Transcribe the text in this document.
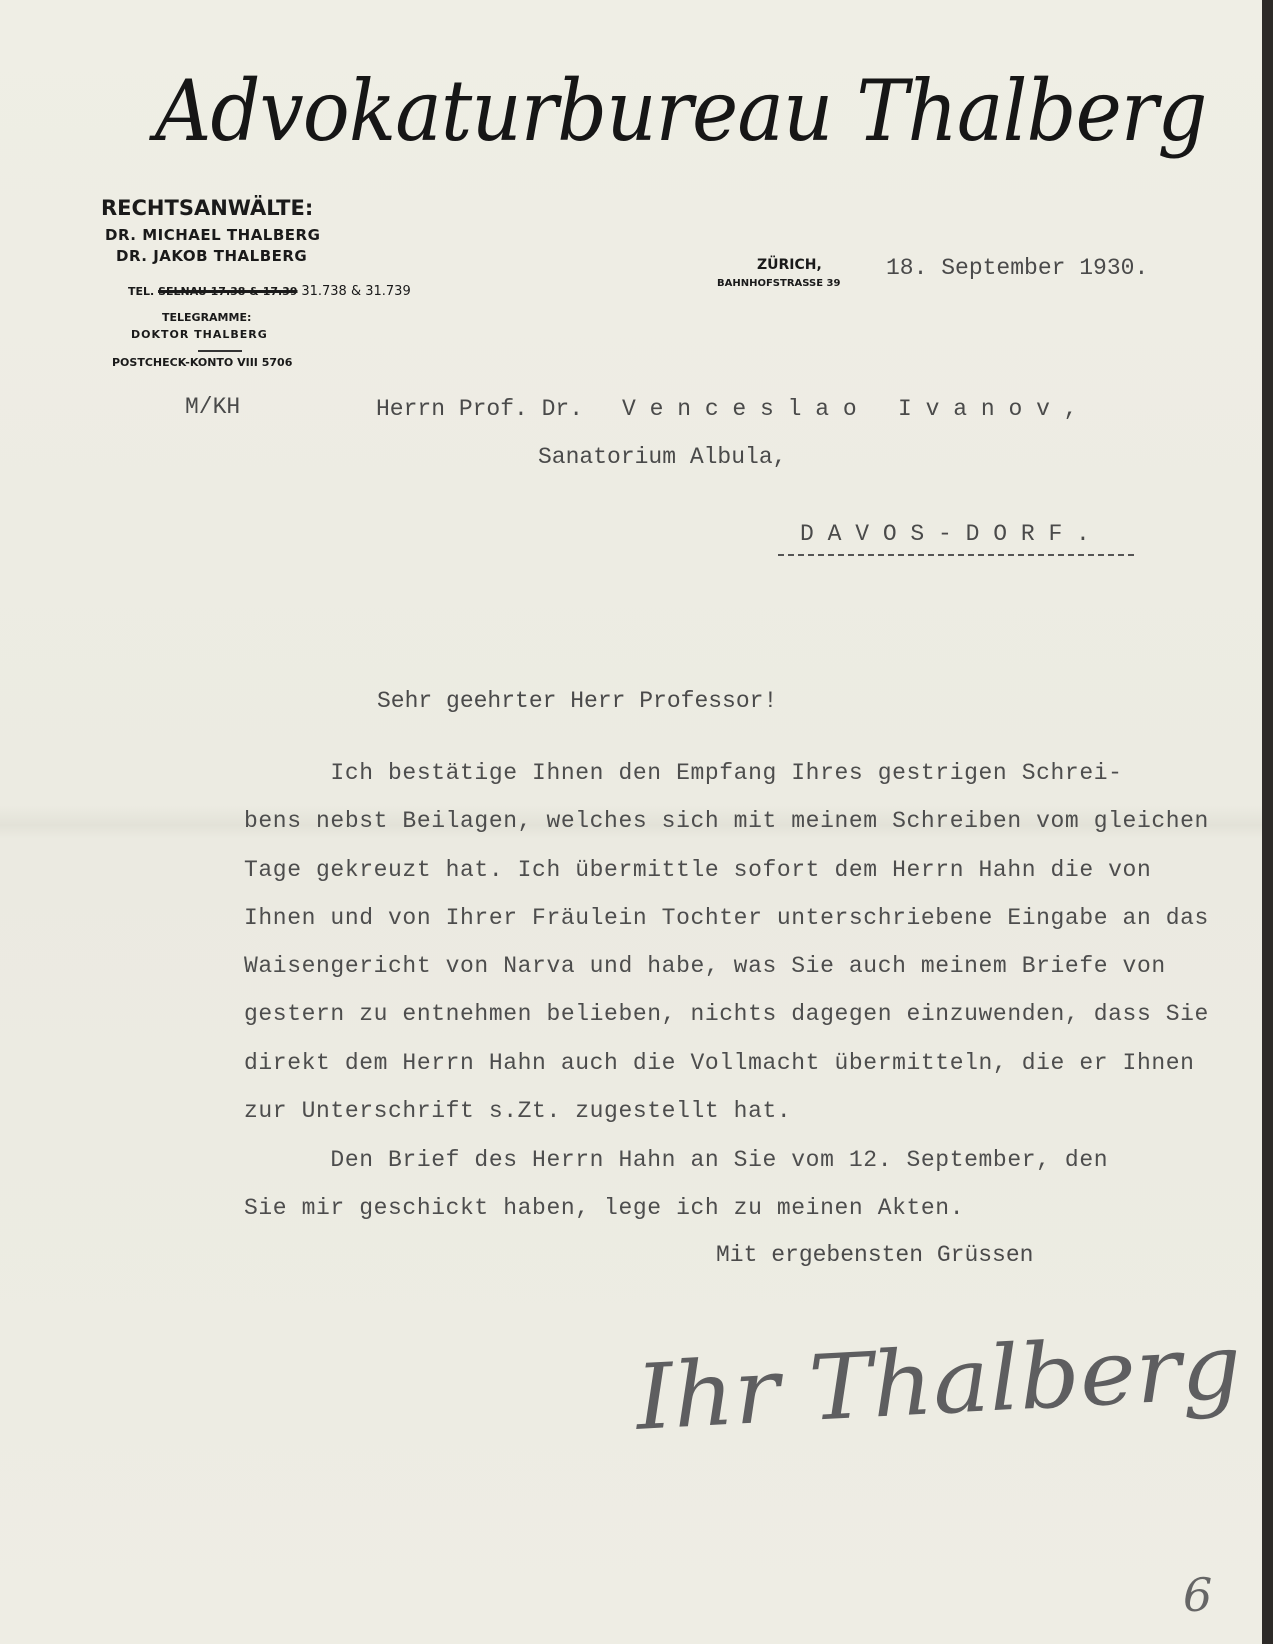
Advokaturbureau Thalberg
RECHTSANWÄLTE:
DR. MICHAEL THALBERG
DR. JAKOB THALBERG
TEL. SELNAU 17.38 & 17.39 31.738 & 31.739
TELEGRAMME:
DOKTOR THALBERG
POSTCHECK-KONTO VIII 5706
ZÜRICH,
BAHNHOFSTRASSE 39
18. September 1930.
M/KH	Herrn Prof. Dr. V e n c e s l a o   I v a n o v ,
Sanatorium Albula,
D A V O S - D O R F .
Sehr geehrter Herr Professor!
Ich bestätige Ihnen den Empfang Ihres gestrigen Schrei-
bens nebst Beilagen, welches sich mit meinem Schreiben vom gleichen
Tage gekreuzt hat. Ich übermittle sofort dem Herrn Hahn die von
Ihnen und von Ihrer Fräulein Tochter unterschriebene Eingabe an das
Waisengericht von Narva und habe, was Sie auch meinem Briefe von
gestern zu entnehmen belieben, nichts dagegen einzuwenden, dass Sie
direkt dem Herrn Hahn auch die Vollmacht übermitteln, die er Ihnen
zur Unterschrift s.Zt. zugestellt hat.
Den Brief des Herrn Hahn an Sie vom 12. September, den
Sie mir geschickt haben, lege ich zu meinen Akten.
Mit ergebensten Grüssen
Ihr Thalberg
6
